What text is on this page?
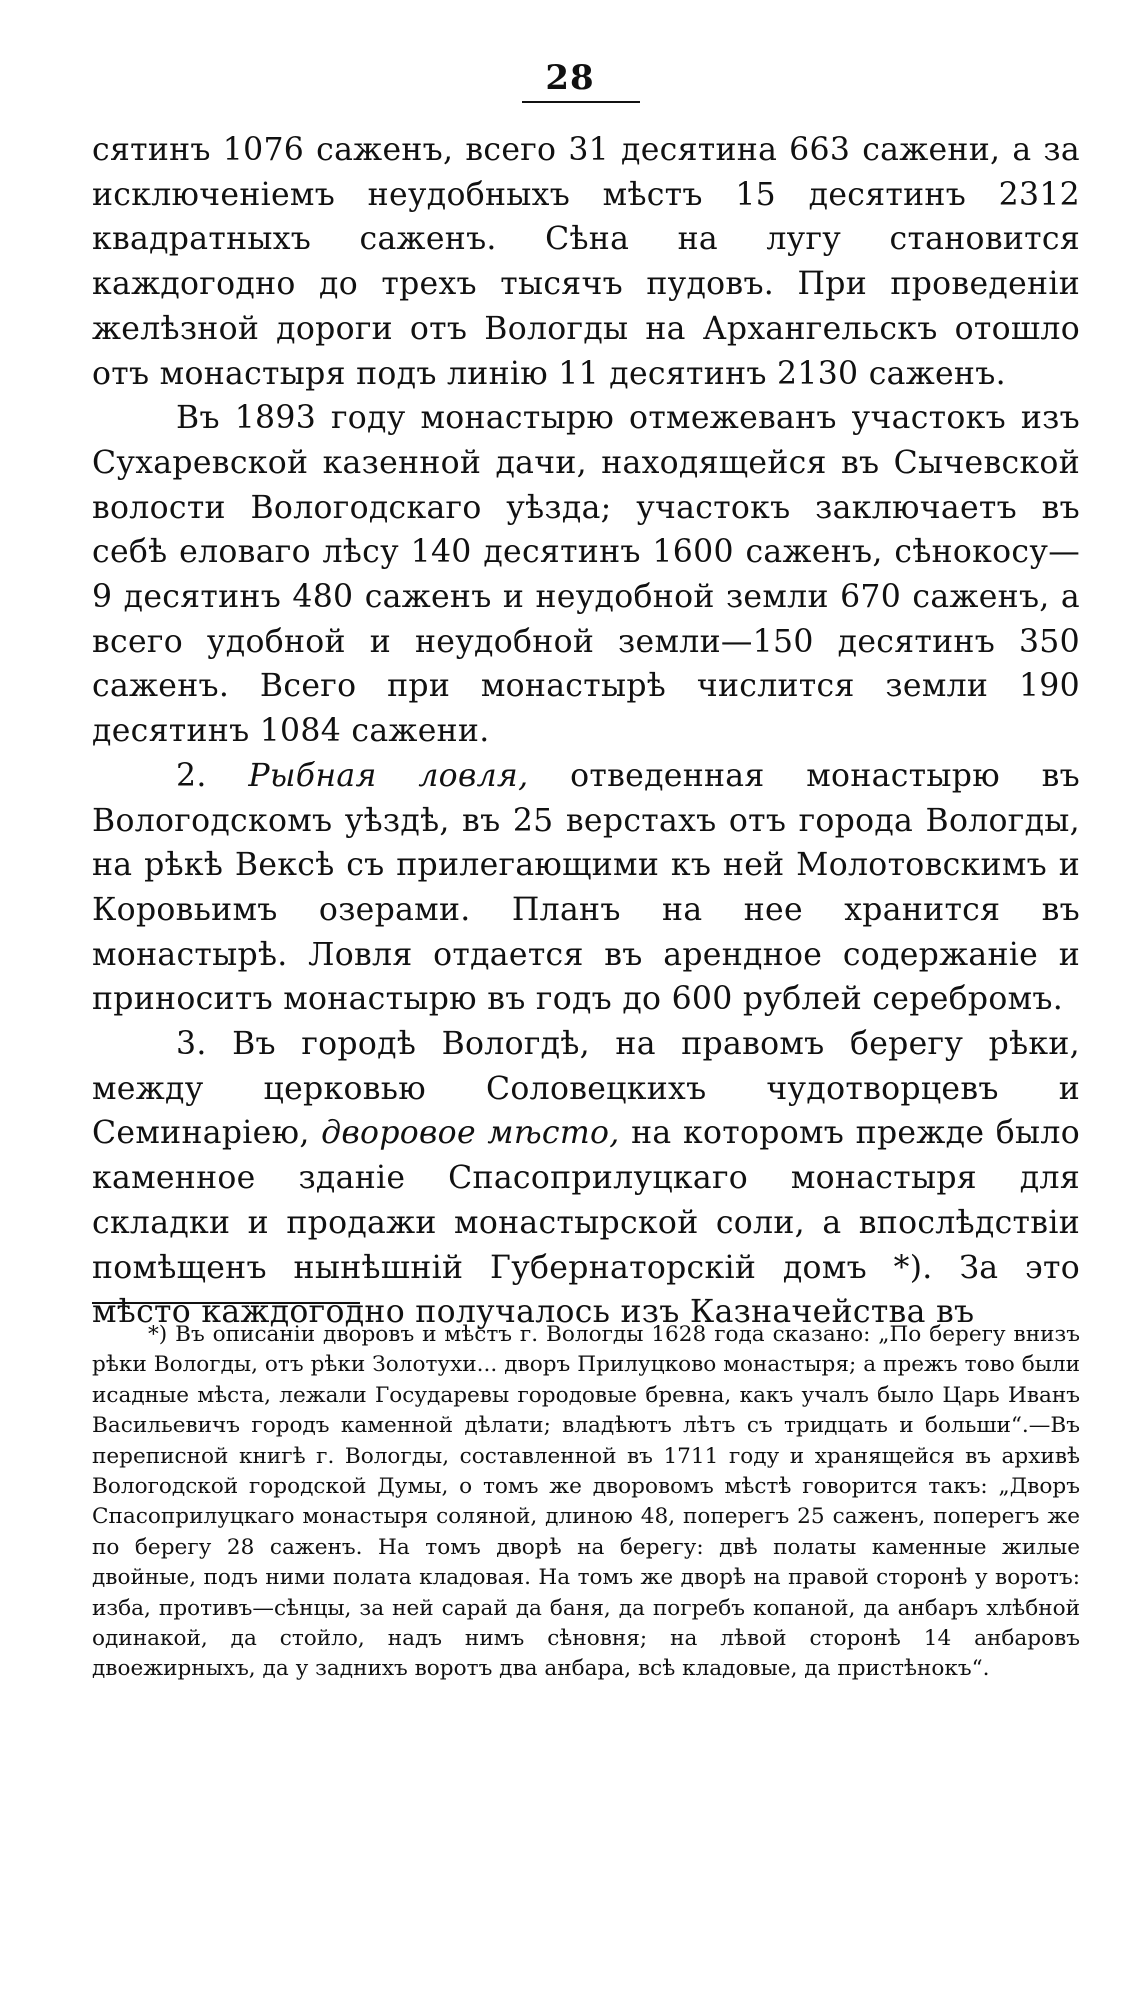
28

сятинъ 1076 саженъ, всего 31 десятина 663 сажени, а за исключеніемъ неудобныхъ мѣстъ 15 десятинъ 2312 квадратныхъ саженъ. Сѣна на лугу становится каждогодно до трехъ тысячъ пудовъ. При проведеніи желѣзной дороги отъ Вологды на Архангельскъ отошло отъ монастыря подъ линію 11 десятинъ 2130 саженъ.

Въ 1893 году монастырю отмежеванъ участокъ изъ Сухаревской казенной дачи, находящейся въ Сычевской волости Вологодскаго уѣзда; участокъ заключаетъ въ себѣ еловаго лѣсу 140 десятинъ 1600 саженъ, сѣнокосу—9 десятинъ 480 саженъ и неудобной земли 670 саженъ, а всего удобной и неудобной земли—150 десятинъ 350 саженъ. Всего при монастырѣ числится земли 190 десятинъ 1084 сажени.

2. Рыбная ловля, отведенная монастырю въ Вологодскомъ уѣздѣ, въ 25 верстахъ отъ города Вологды, на рѣкѣ Вексѣ съ прилегающими къ ней Молотовскимъ и Коровьимъ озерами. Планъ на нее хранится въ монастырѣ. Ловля отдается въ арендное содержаніе и приноситъ монастырю въ годъ до 600 рублей серебромъ.

3. Въ городѣ Вологдѣ, на правомъ берегу рѣки, между церковью Соловецкихъ чудотворцевъ и Семинаріею, дворовое мѣсто, на которомъ прежде было каменное зданіе Спасоприлуцкаго монастыря для складки и продажи монастырской соли, а впослѣдствіи помѣщенъ нынѣшній Губернаторскій домъ *). За это мѣсто каждогодно получалось изъ Казначейства въ

*) Въ описаніи дворовъ и мѣстъ г. Вологды 1628 года сказано: „По берегу внизъ рѣки Вологды, отъ рѣки Золотухи... дворъ Прилуцково монастыря; а прежъ тово были исадные мѣста, лежали Государевы городовые бревна, какъ учалъ было Царь Иванъ Васильевичъ городъ каменной дѣлати; владѣютъ лѣтъ съ тридцать и больши“.—Въ переписной книгѣ г. Вологды, составленной въ 1711 году и хранящейся въ архивѣ Вологодской городской Думы, о томъ же дворовомъ мѣстѣ говорится такъ: „Дворъ Спасоприлуцкаго монастыря соляной, длиною 48, поперегъ 25 саженъ, поперегъ же по берегу 28 саженъ. На томъ дворѣ на берегу: двѣ полаты каменные жилые двойные, подъ ними полата кладовая. На томъ же дворѣ на правой сторонѣ у воротъ: изба, противъ—сѣнцы, за ней сарай да баня, да погребъ копаной, да анбаръ хлѣбной одинакой, да стойло, надъ нимъ сѣновня; на лѣвой сторонѣ 14 анбаровъ двоежирныхъ, да у заднихъ воротъ два анбара, всѣ кладовые, да пристѣнокъ“.
